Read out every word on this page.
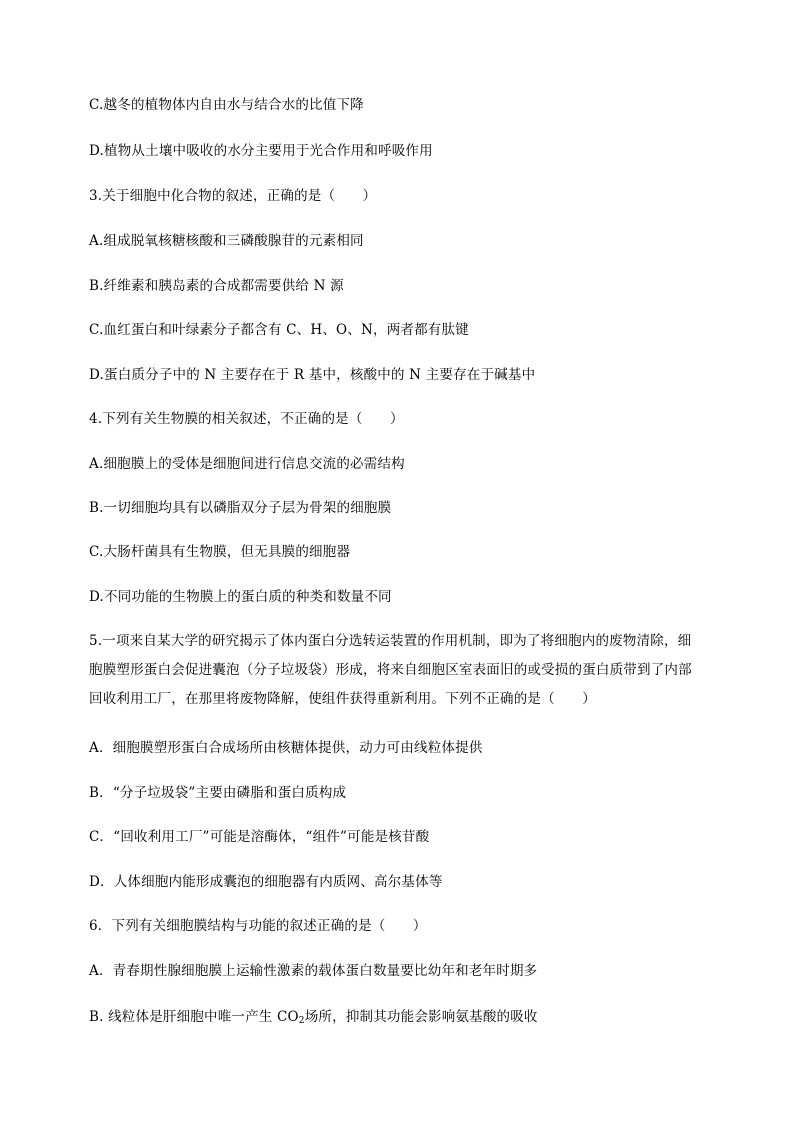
C.越冬的植物体内自由水与结合水的比值下降
D.植物从土壤中吸收的水分主要用于光合作用和呼吸作用
3.关于细胞中化合物的叙述，正确的是（　　）
A.组成脱氧核糖核酸和三磷酸腺苷的元素相同
B.纤维素和胰岛素的合成都需要供给 N 源
C.血红蛋白和叶绿素分子都含有 C、H、O、N，两者都有肽键
D.蛋白质分子中的 N 主要存在于 R 基中，核酸中的 N 主要存在于碱基中
4.下列有关生物膜的相关叙述，不正确的是（　　）
A.细胞膜上的受体是细胞间进行信息交流的必需结构
B.一切细胞均具有以磷脂双分子层为骨架的细胞膜
C.大肠杆菌具有生物膜，但无具膜的细胞器
D.不同功能的生物膜上的蛋白质的种类和数量不同
5.一项来自某大学的研究揭示了体内蛋白分选转运装置的作用机制，即为了将细胞内的废物清除，细
胞膜塑形蛋白会促进囊泡（分子垃圾袋）形成，将来自细胞区室表面旧的或受损的蛋白质带到了内部
回收利用工厂，在那里将废物降解，使组件获得重新利用。下列不正确的是（　　）
A．细胞膜塑形蛋白合成场所由核糖体提供，动力可由线粒体提供
B．“分子垃圾袋”主要由磷脂和蛋白质构成
C．“回收利用工厂”可能是溶酶体，“组件”可能是核苷酸
D．人体细胞内能形成囊泡的细胞器有内质网、高尔基体等
6．下列有关细胞膜结构与功能的叙述正确的是（　　）
A．青春期性腺细胞膜上运输性激素的载体蛋白数量要比幼年和老年时期多
B. 线粒体是肝细胞中唯一产生 $CO_2$场所，抑制其功能会影响氨基酸的吸收
